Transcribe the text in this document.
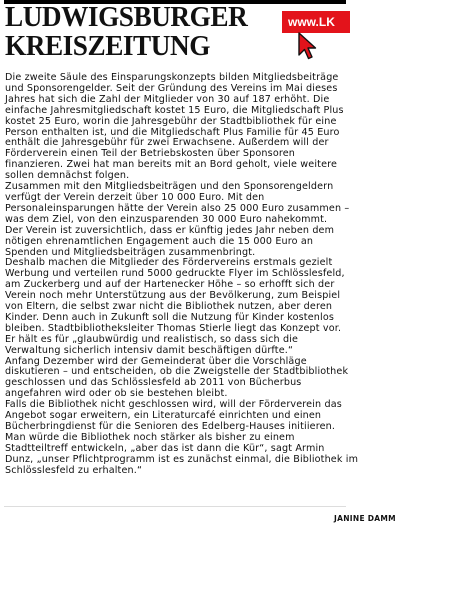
LUDWIGSBURGER
KREISZEITUNG
www.LK
Die zweite Säule des Einsparungskonzepts bilden Mitgliedsbeiträge
und Sponsorengelder. Seit der Gründung des Vereins im Mai dieses
Jahres hat sich die Zahl der Mitglieder von 30 auf 187 erhöht. Die
einfache Jahresmitgliedschaft kostet 15 Euro, die Mitgliedschaft Plus
kostet 25 Euro, worin die Jahresgebühr der Stadtbibliothek für eine
Person enthalten ist, und die Mitgliedschaft Plus Familie für 45 Euro
enthält die Jahresgebühr für zwei Erwachsene. Außerdem will der
Förderverein einen Teil der Betriebskosten über Sponsoren
finanzieren. Zwei hat man bereits mit an Bord geholt, viele weitere
sollen demnächst folgen.
Zusammen mit den Mitgliedsbeiträgen und den Sponsorengeldern
verfügt der Verein derzeit über 10 000 Euro. Mit den
Personaleinsparungen hätte der Verein also 25 000 Euro zusammen –
was dem Ziel, von den einzusparenden 30 000 Euro nahekommt.
Der Verein ist zuversichtlich, dass er künftig jedes Jahr neben dem
nötigen ehrenamtlichen Engagement auch die 15 000 Euro an
Spenden und Mitgliedsbeiträgen zusammenbringt.
Deshalb machen die Mitglieder des Fördervereins erstmals gezielt
Werbung und verteilen rund 5000 gedruckte Flyer im Schlösslesfeld,
am Zuckerberg und auf der Hartenecker Höhe – so erhofft sich der
Verein noch mehr Unterstützung aus der Bevölkerung, zum Beispiel
von Eltern, die selbst zwar nicht die Bibliothek nutzen, aber deren
Kinder. Denn auch in Zukunft soll die Nutzung für Kinder kostenlos
bleiben. Stadtbibliotheksleiter Thomas Stierle liegt das Konzept vor.
Er hält es für „glaubwürdig und realistisch, so dass sich die
Verwaltung sicherlich intensiv damit beschäftigen dürfte.“
Anfang Dezember wird der Gemeinderat über die Vorschläge
diskutieren – und entscheiden, ob die Zweigstelle der Stadtbibliothek
geschlossen und das Schlösslesfeld ab 2011 von Bücherbus
angefahren wird oder ob sie bestehen bleibt.
Falls die Bibliothek nicht geschlossen wird, will der Förderverein das
Angebot sogar erweitern, ein Literaturcafé einrichten und einen
Bücherbringdienst für die Senioren des Edelberg-Hauses initiieren.
Man würde die Bibliothek noch stärker als bisher zu einem
Stadtteiltreff entwickeln, „aber das ist dann die Kür“, sagt Armin
Dunz, „unser Pflichtprogramm ist es zunächst einmal, die Bibliothek im
Schlösslesfeld zu erhalten.“
JANINE DAMM
